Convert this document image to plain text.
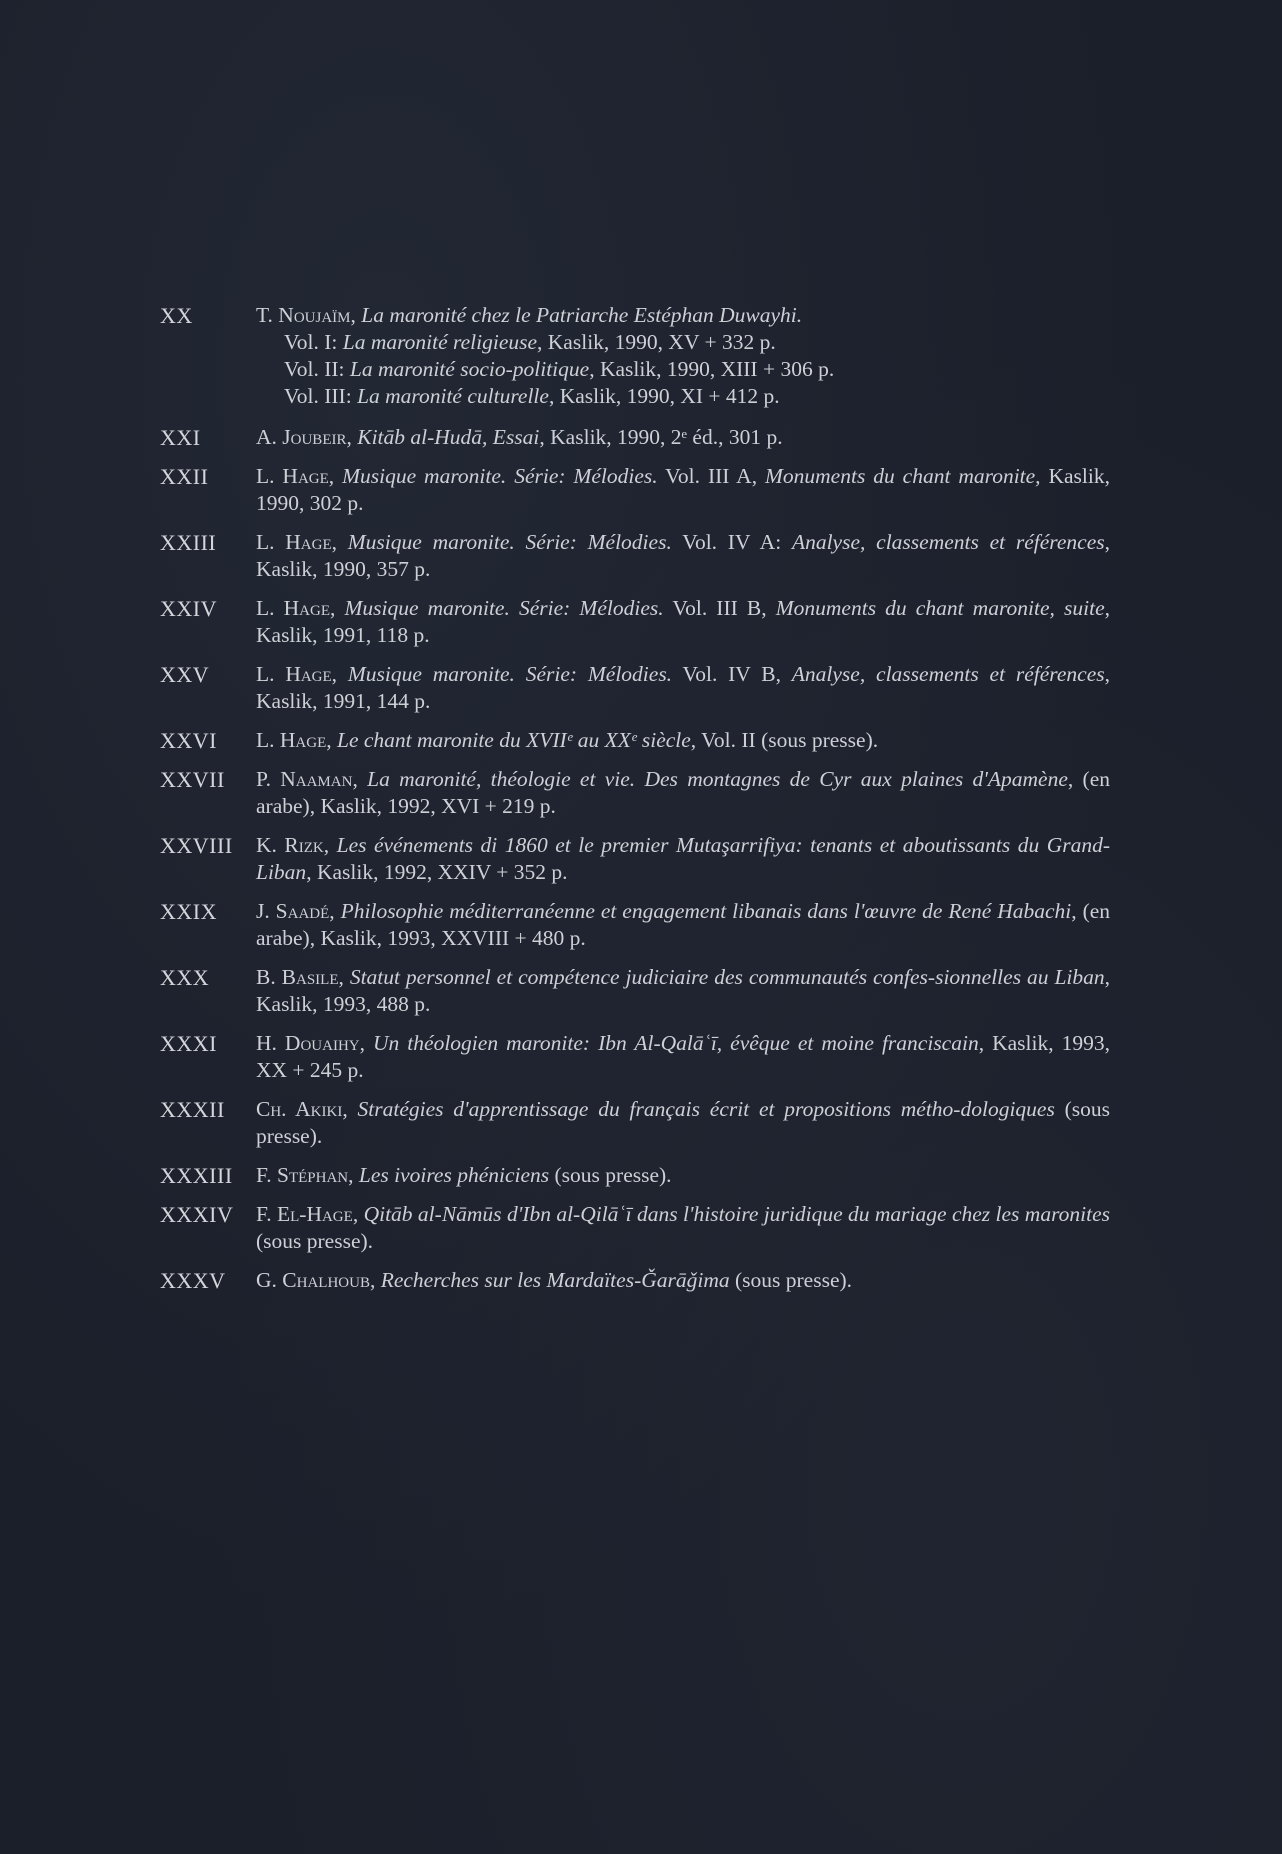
XX	T. Noujaïm, La maronité chez le Patriarche Estéphan Duwayhi.
Vol. I: La maronité religieuse, Kaslik, 1990, XV + 332 p.
Vol. II: La maronité socio-politique, Kaslik, 1990, XIII + 306 p.
Vol. III: La maronité culturelle, Kaslik, 1990, XI + 412 p.
XXI	A. Joubeir, Kitāb al-Hudā, Essai, Kaslik, 1990, 2ᵉ éd., 301 p.
XXII	L. Hage, Musique maronite. Série: Mélodies. Vol. III A, Monuments du chant maronite, Kaslik, 1990, 302 p.
XXIII	L. Hage, Musique maronite. Série: Mélodies. Vol. IV A: Analyse, classements et références, Kaslik, 1990, 357 p.
XXIV	L. Hage, Musique maronite. Série: Mélodies. Vol. III B, Monuments du chant maronite, suite, Kaslik, 1991, 118 p.
XXV	L. Hage, Musique maronite. Série: Mélodies. Vol. IV B, Analyse, classements et références, Kaslik, 1991, 144 p.
XXVI	L. Hage, Le chant maronite du XVIIᵉ au XXᵉ siècle, Vol. II (sous presse).
XXVII	P. Naaman, La maronité, théologie et vie. Des montagnes de Cyr aux plaines d'Apamène, (en arabe), Kaslik, 1992, XVI + 219 p.
XXVIII	K. Rizk, Les événements di 1860 et le premier Mutaşarrifiya: tenants et aboutissants du Grand-Liban, Kaslik, 1992, XXIV + 352 p.
XXIX	J. Saadé, Philosophie méditerranéenne et engagement libanais dans l'œuvre de René Habachi, (en arabe), Kaslik, 1993, XXVIII + 480 p.
XXX	B. Basile, Statut personnel et compétence judiciaire des communautés confes-sionnelles au Liban, Kaslik, 1993, 488 p.
XXXI	H. Douaihy, Un théologien maronite: Ibn Al-Qalāʿī, évêque et moine franciscain, Kaslik, 1993, XX + 245 p.
XXXII	Ch. Akiki, Stratégies d'apprentissage du français écrit et propositions métho-dologiques (sous presse).
XXXIII	F. Stéphan, Les ivoires phéniciens (sous presse).
XXXIV	F. El-Hage, Qitāb al-Nāmūs d'Ibn al-Qilāʿī dans l'histoire juridique du mariage chez les maronites (sous presse).
XXXV	G. Chalhoub, Recherches sur les Mardaïtes-Ǧarāǧima (sous presse).
